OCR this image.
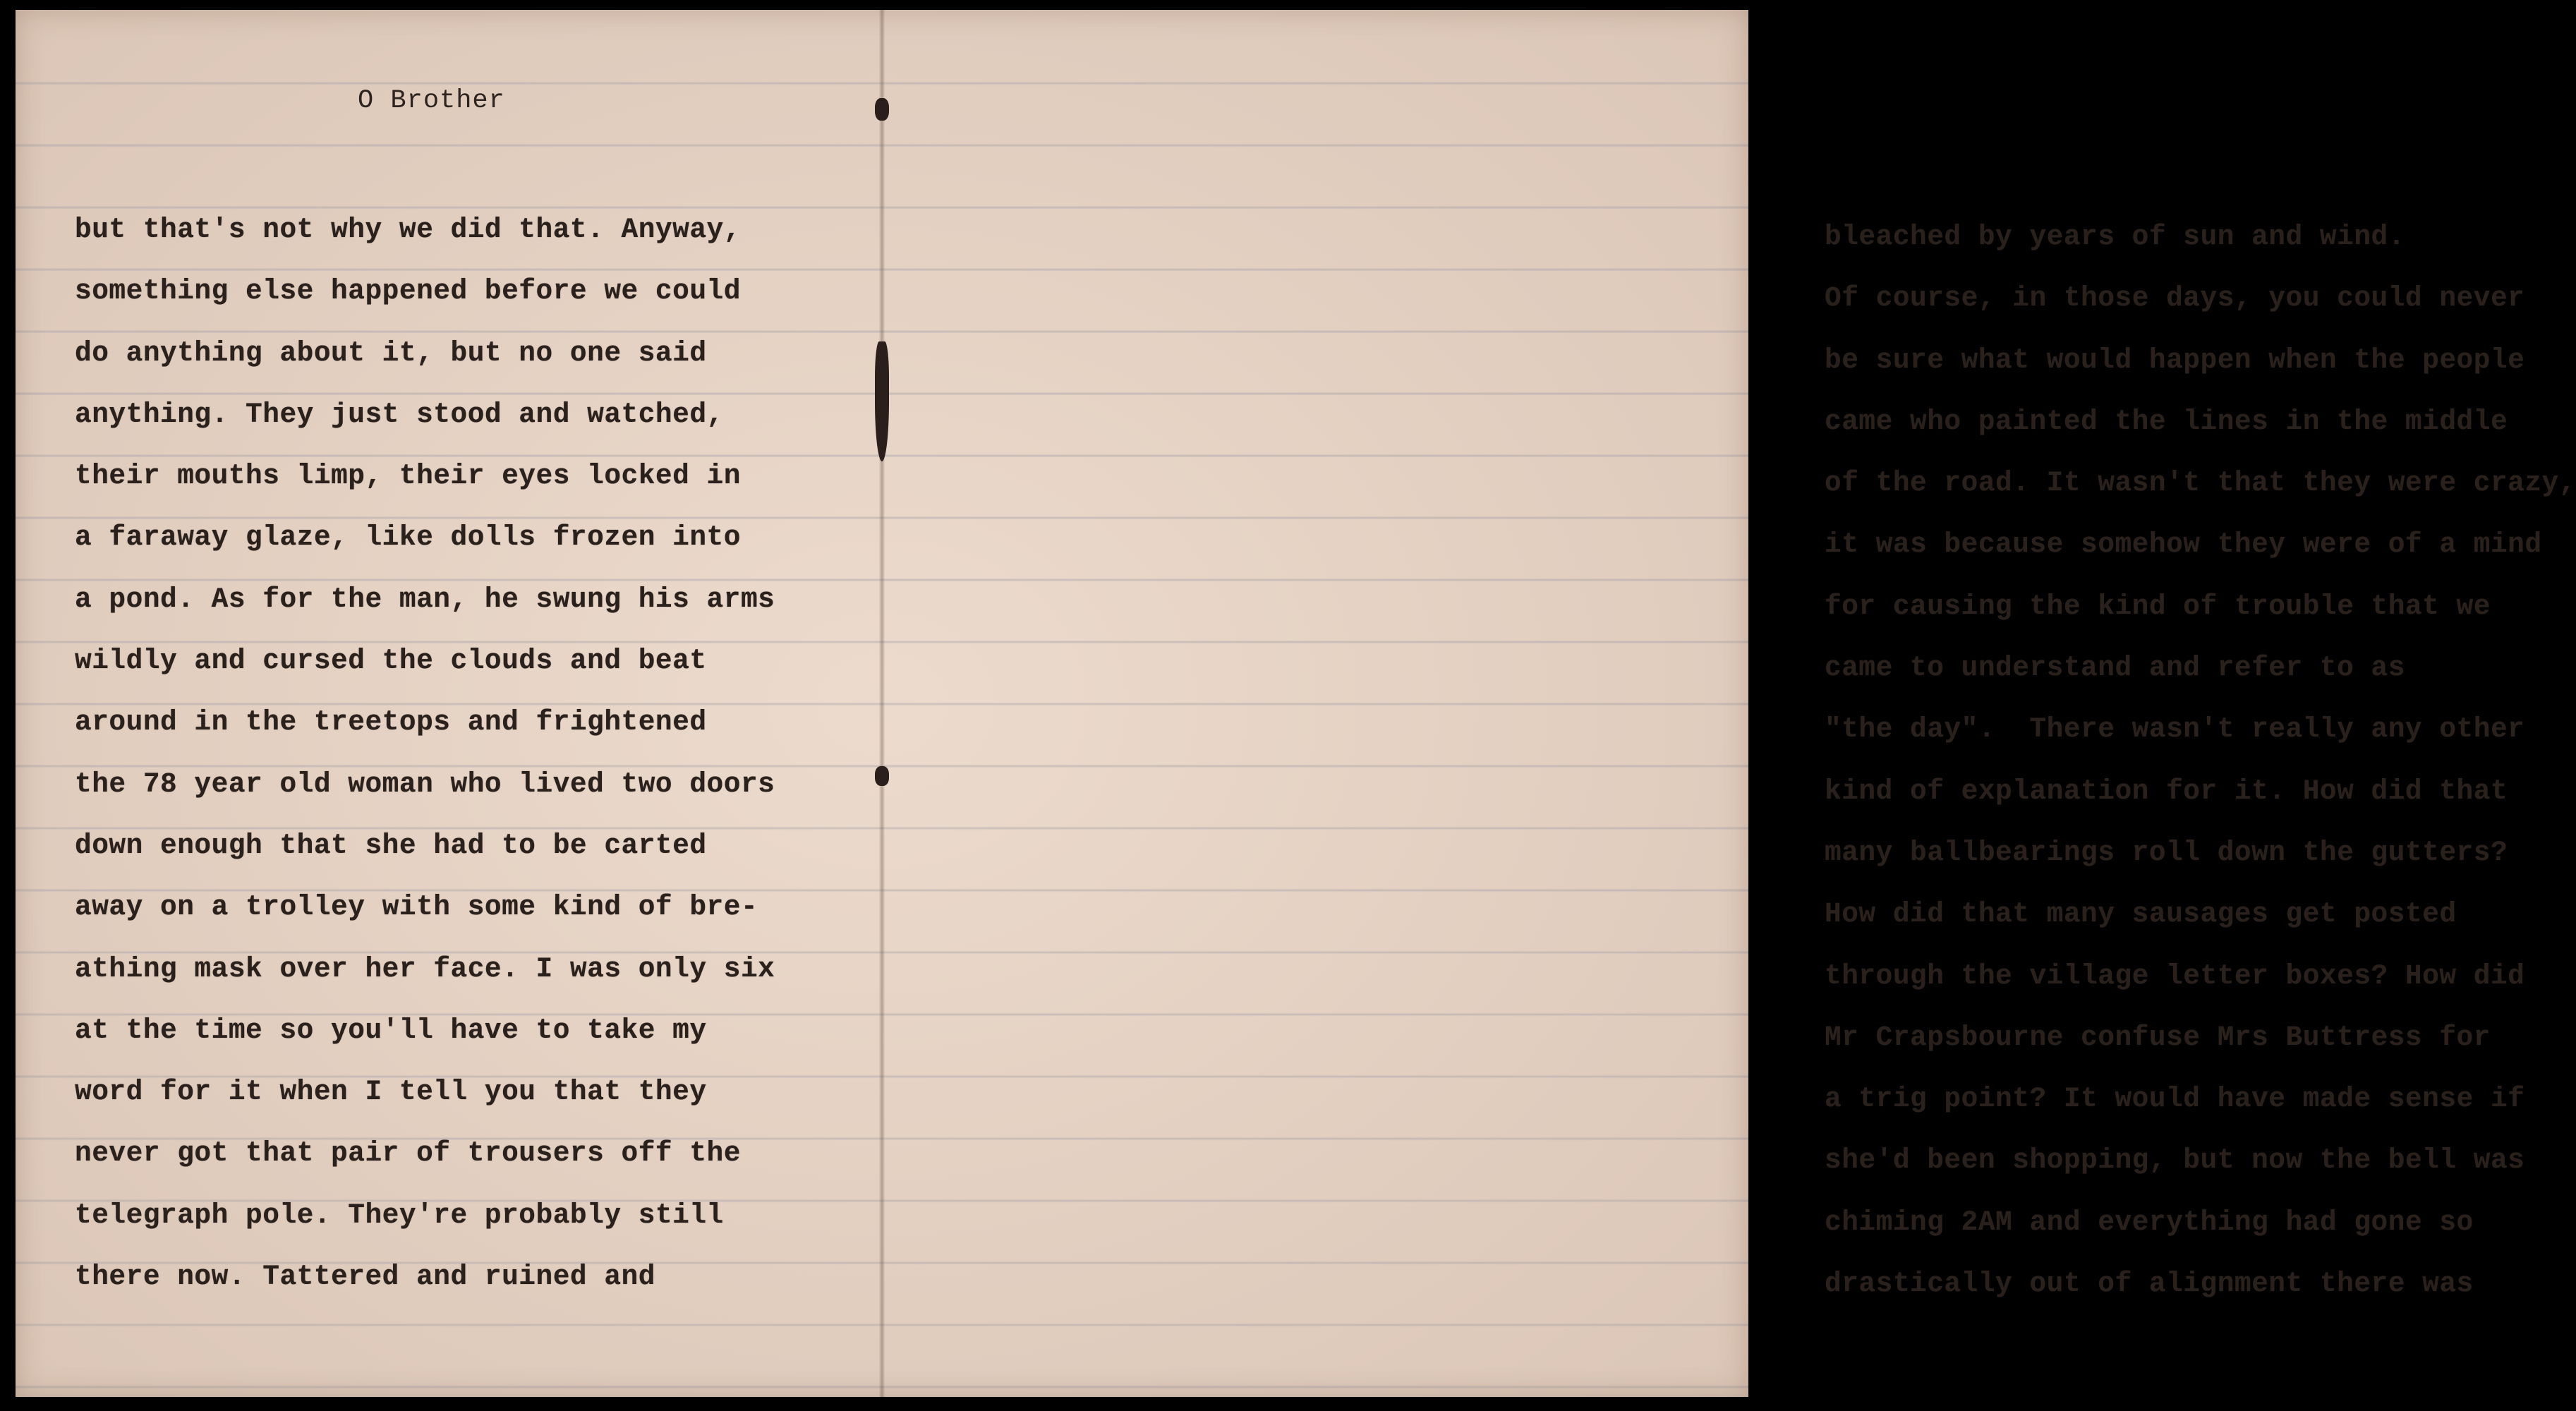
O Brother
but that's not why we did that. Anyway,
something else happened before we could
do anything about it, but no one said
anything. They just stood and watched,
their mouths limp, their eyes locked in
a faraway glaze, like dolls frozen into
a pond. As for the man, he swung his arms
wildly and cursed the clouds and beat
around in the treetops and frightened
the 78 year old woman who lived two doors
down enough that she had to be carted
away on a trolley with some kind of bre-
athing mask over her face. I was only six
at the time so you'll have to take my
word for it when I tell you that they
never got that pair of trousers off the
telegraph pole. They're probably still
there now. Tattered and ruined and
bleached by years of sun and wind.
Of course, in those days, you could never
be sure what would happen when the people
came who painted the lines in the middle
of the road. It wasn't that they were crazy,
it was because somehow they were of a mind
for causing the kind of trouble that we
came to understand and refer to as
"the day".  There wasn't really any other
kind of explanation for it. How did that
many ballbearings roll down the gutters?
How did that many sausages get posted
through the village letter boxes? How did
Mr Crapsbourne confuse Mrs Buttress for
a trig point? It would have made sense if
she'd been shopping, but now the bell was
chiming 2AM and everything had gone so
drastically out of alignment there was
